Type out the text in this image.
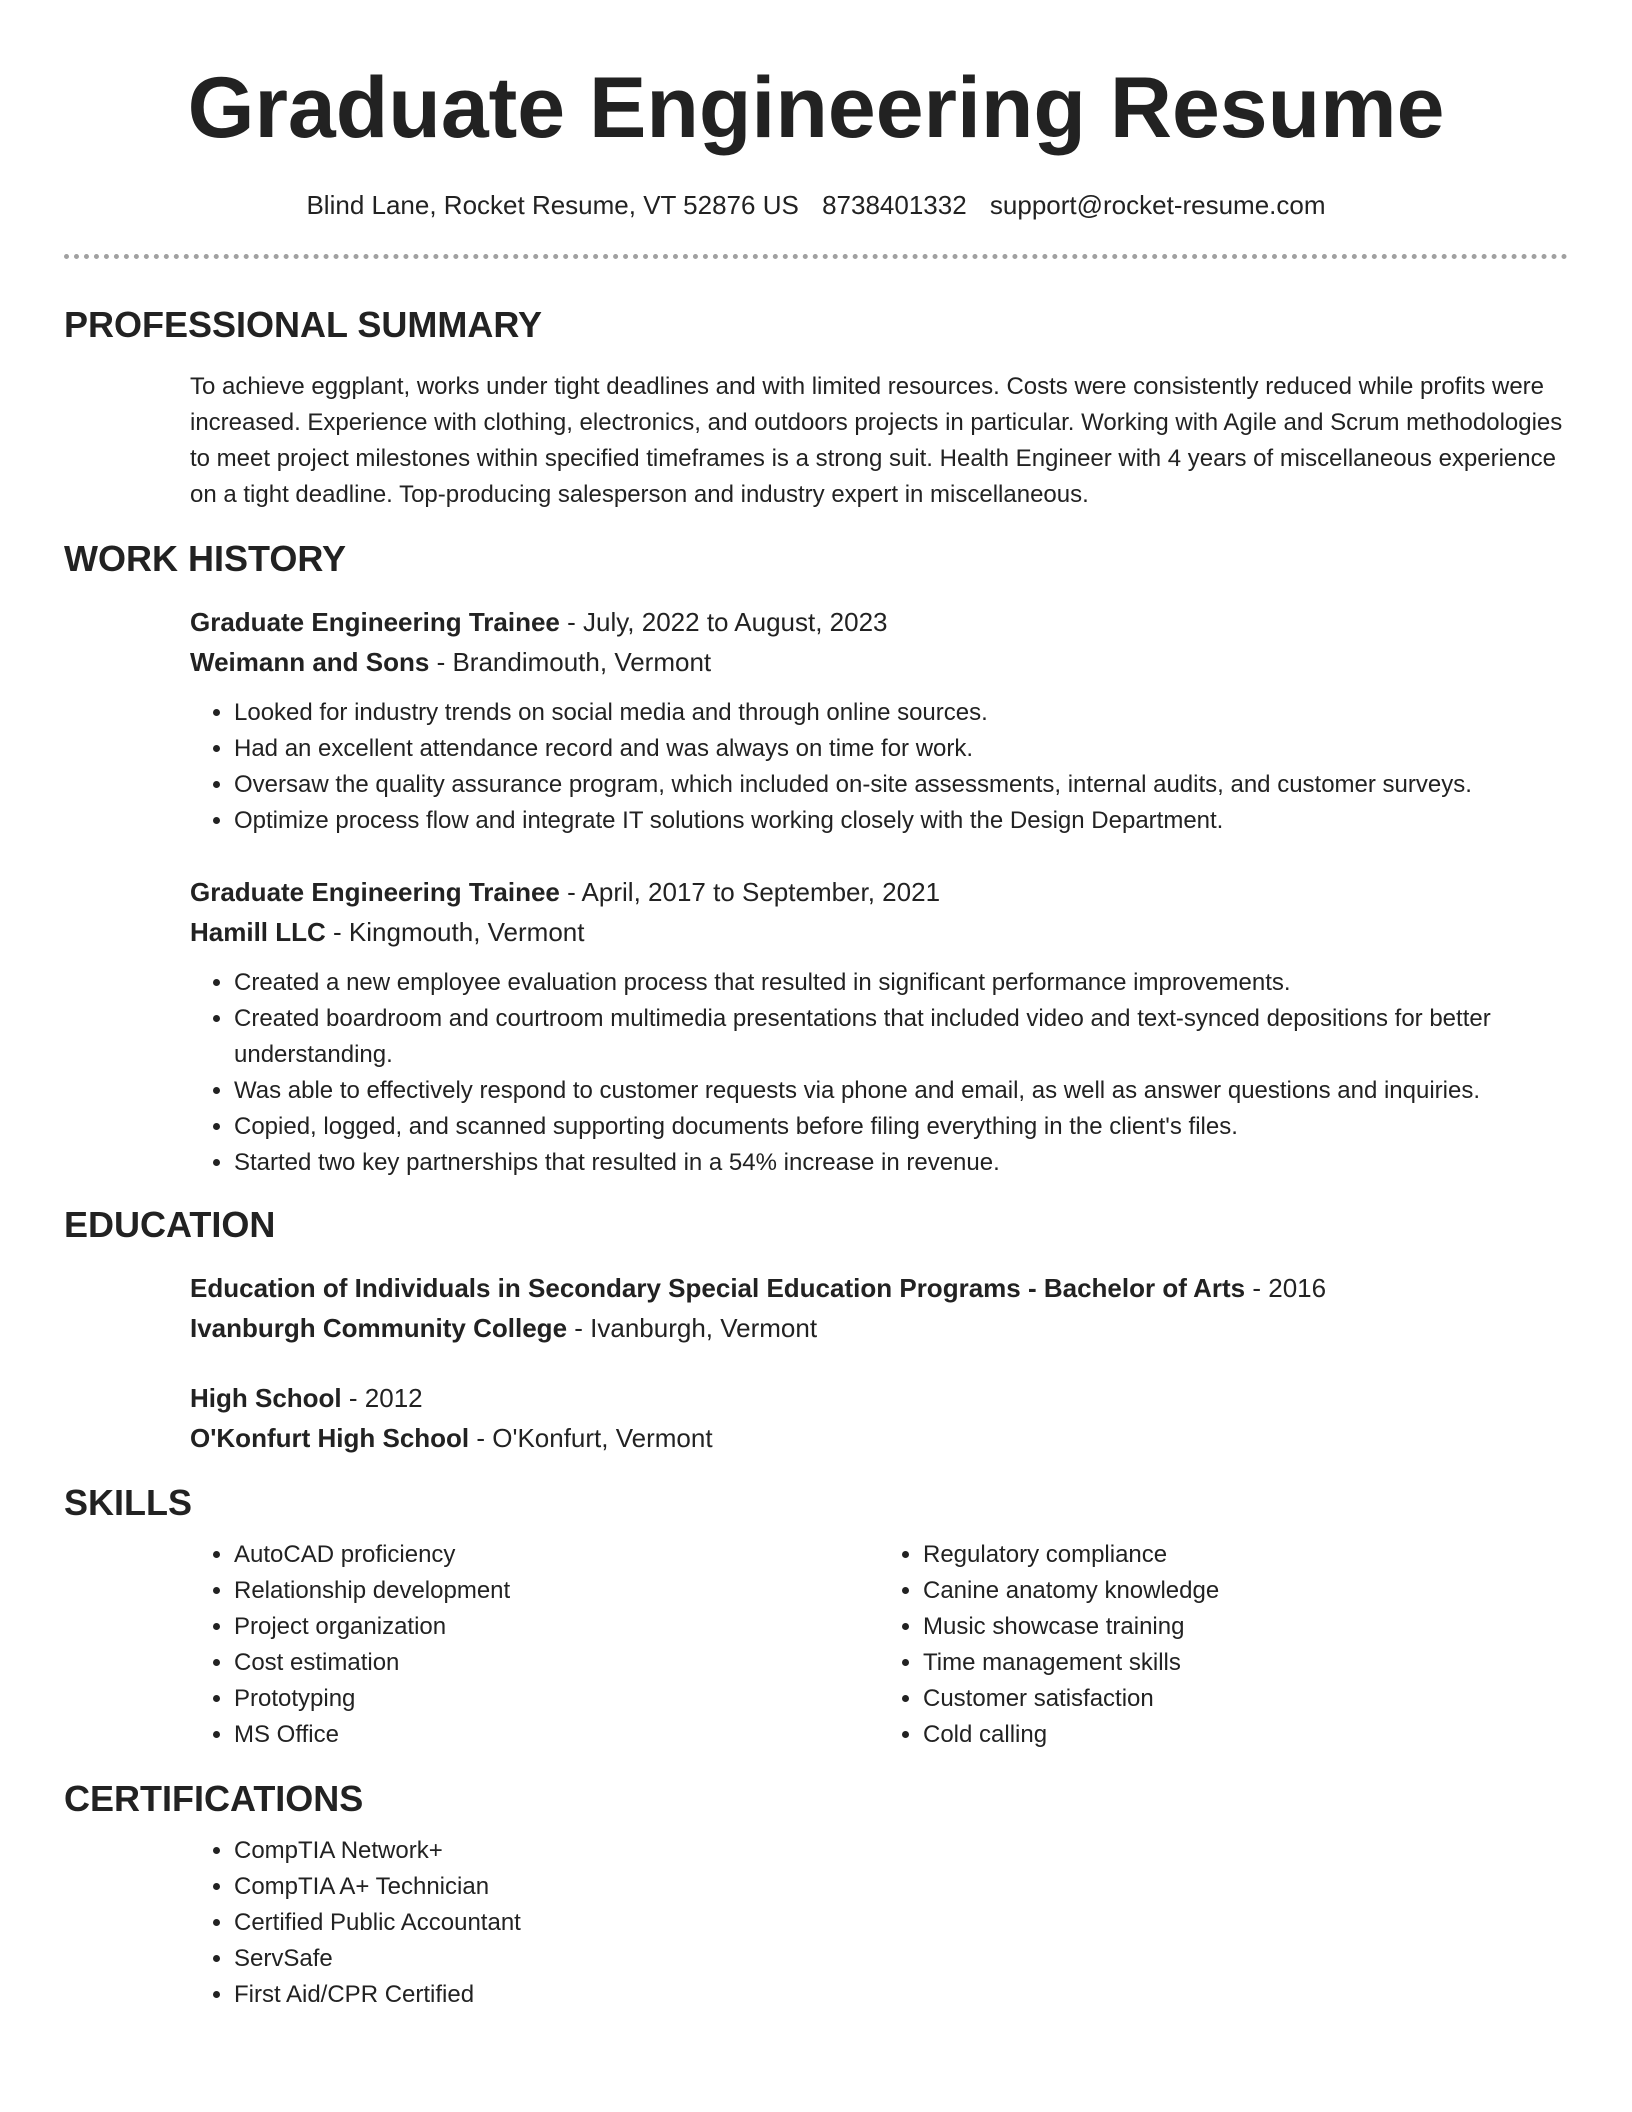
Graduate Engineering Resume
Blind Lane, Rocket Resume, VT 52876 US 8738401332 support@rocket-resume.com
PROFESSIONAL SUMMARY
To achieve eggplant, works under tight deadlines and with limited resources. Costs were consistently reduced while profits were increased. Experience with clothing, electronics, and outdoors projects in particular. Working with Agile and Scrum methodologies to meet project milestones within specified timeframes is a strong suit. Health Engineer with 4 years of miscellaneous experience on a tight deadline. Top-producing salesperson and industry expert in miscellaneous.
WORK HISTORY
Graduate Engineering Trainee - July, 2022 to August, 2023
Weimann and Sons - Brandimouth, Vermont
• Looked for industry trends on social media and through online sources.
• Had an excellent attendance record and was always on time for work.
• Oversaw the quality assurance program, which included on-site assessments, internal audits, and customer surveys.
• Optimize process flow and integrate IT solutions working closely with the Design Department.
Graduate Engineering Trainee - April, 2017 to September, 2021
Hamill LLC - Kingmouth, Vermont
• Created a new employee evaluation process that resulted in significant performance improvements.
• Created boardroom and courtroom multimedia presentations that included video and text-synced depositions for better understanding.
• Was able to effectively respond to customer requests via phone and email, as well as answer questions and inquiries.
• Copied, logged, and scanned supporting documents before filing everything in the client's files.
• Started two key partnerships that resulted in a 54% increase in revenue.
EDUCATION
Education of Individuals in Secondary Special Education Programs - Bachelor of Arts - 2016
Ivanburgh Community College - Ivanburgh, Vermont
High School - 2012
O'Konfurt High School - O'Konfurt, Vermont
SKILLS
• AutoCAD proficiency
• Relationship development
• Project organization
• Cost estimation
• Prototyping
• MS Office
• Regulatory compliance
• Canine anatomy knowledge
• Music showcase training
• Time management skills
• Customer satisfaction
• Cold calling
CERTIFICATIONS
• CompTIA Network+
• CompTIA A+ Technician
• Certified Public Accountant
• ServSafe
• First Aid/CPR Certified
